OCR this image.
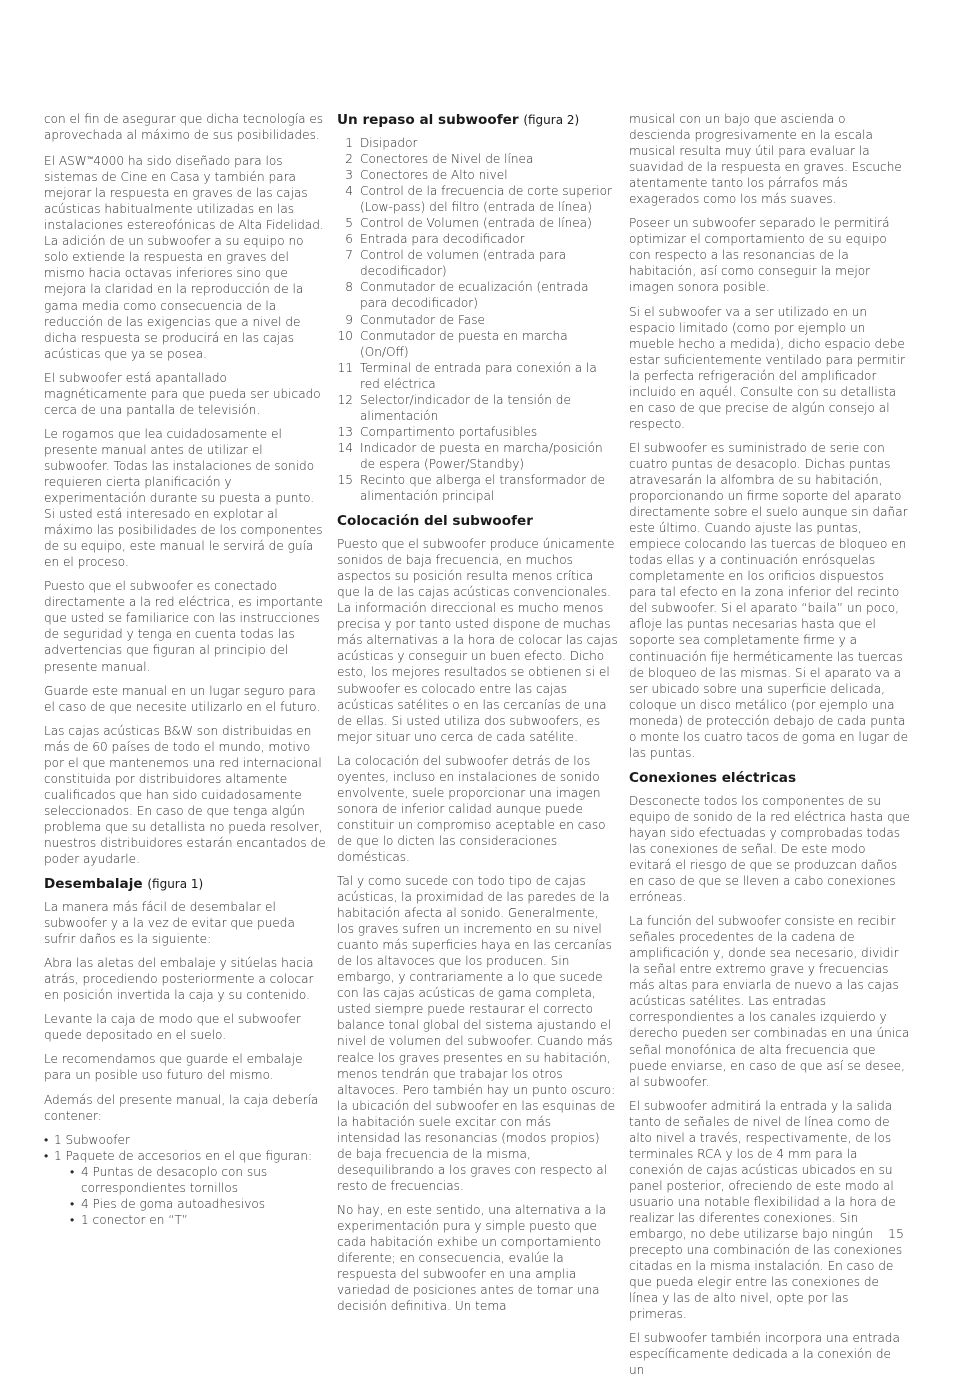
con el fin de asegurar que dicha tecnología es aprovechada al máximo de sus posibilidades.

El ASW™4000 ha sido diseñado para los sistemas de Cine en Casa y también para mejorar la respuesta en graves de las cajas acústicas habitualmente utilizadas en las instalaciones estereofónicas de Alta Fidelidad. La adición de un subwoofer a su equipo no solo extiende la respuesta en graves del mismo hacia octavas inferiores sino que mejora la claridad en la reproducción de la gama media como consecuencia de la reducción de las exigencias que a nivel de dicha respuesta se producirá en las cajas acústicas que ya se posea.

El subwoofer está apantallado magnéticamente para que pueda ser ubicado cerca de una pantalla de televisión.

Le rogamos que lea cuidadosamente el presente manual antes de utilizar el subwoofer. Todas las instalaciones de sonido requieren cierta planificación y experimentación durante su puesta a punto. Si usted está interesado en explotar al máximo las posibilidades de los componentes de su equipo, este manual le servirá de guía en el proceso.

Puesto que el subwoofer es conectado directamente a la red eléctrica, es importante que usted se familiarice con las instrucciones de seguridad y tenga en cuenta todas las advertencias que figuran al principio del presente manual.

Guarde este manual en un lugar seguro para el caso de que necesite utilizarlo en el futuro.

Las cajas acústicas B&W son distribuidas en más de 60 países de todo el mundo, motivo por el que mantenemos una red internacional constituida por distribuidores altamente cualificados que han sido cuidadosamente seleccionados. En caso de que tenga algún problema que su detallista no pueda resolver, nuestros distribuidores estarán encantados de poder ayudarle.

Desembalaje (figura 1)

La manera más fácil de desembalar el subwoofer y a la vez de evitar que pueda sufrir daños es la siguiente:

Abra las aletas del embalaje y sitúelas hacia atrás, procediendo posteriormente a colocar en posición invertida la caja y su contenido.

Levante la caja de modo que el subwoofer quede depositado en el suelo.

Le recomendamos que guarde el embalaje para un posible uso futuro del mismo.

Además del presente manual, la caja debería contener:

• 1 Subwoofer
• 1 Paquete de accesorios en el que figuran:
• 4 Puntas de desacoplo con sus correspondientes tornillos
• 4 Pies de goma autoadhesivos
• 1 conector en “T”
Un repaso al subwoofer (figura 2)
1 Disipador
2 Conectores de Nivel de línea
3 Conectores de Alto nivel
4 Control de la frecuencia de corte superior (Low-pass) del filtro (entrada de línea)
5 Control de Volumen (entrada de línea)
6 Entrada para decodificador
7 Control de volumen (entrada para decodificador)
8 Conmutador de ecualización (entrada para decodificador)
9 Conmutador de Fase
10 Conmutador de puesta en marcha (On/Off)
11 Terminal de entrada para conexión a la red eléctrica
12 Selector/indicador de la tensión de alimentación
13 Compartimento portafusibles
14 Indicador de puesta en marcha/posición de espera (Power/Standby)
15 Recinto que alberga el transformador de alimentación principal
Colocación del subwoofer

Puesto que el subwoofer produce únicamente sonidos de baja frecuencia, en muchos aspectos su posición resulta menos crítica que la de las cajas acústicas convencionales. La información direccional es mucho menos precisa y por tanto usted dispone de muchas más alternativas a la hora de colocar las cajas acústicas y conseguir un buen efecto. Dicho esto, los mejores resultados se obtienen si el subwoofer es colocado entre las cajas acústicas satélites o en las cercanías de una de ellas. Si usted utiliza dos subwoofers, es mejor situar uno cerca de cada satélite.

La colocación del subwoofer detrás de los oyentes, incluso en instalaciones de sonido envolvente, suele proporcionar una imagen sonora de inferior calidad aunque puede constituir un compromiso aceptable en caso de que lo dicten las consideraciones domésticas.

Tal y como sucede con todo tipo de cajas acústicas, la proximidad de las paredes de la habitación afecta al sonido. Generalmente, los graves sufren un incremento en su nivel cuanto más superficies haya en las cercanías de los altavoces que los producen. Sin embargo, y contrariamente a lo que sucede con las cajas acústicas de gama completa, usted siempre puede restaurar el correcto balance tonal global del sistema ajustando el nivel de volumen del subwoofer. Cuando más realce los graves presentes en su habitación, menos tendrán que trabajar los otros altavoces. Pero también hay un punto oscuro: la ubicación del subwoofer en las esquinas de la habitación suele excitar con más intensidad las resonancias (modos propios) de baja frecuencia de la misma, desequilibrando a los graves con respecto al resto de frecuencias.

No hay, en este sentido, una alternativa a la experimentación pura y simple puesto que cada habitación exhibe un comportamiento diferente; en consecuencia, evalúe la respuesta del subwoofer en una amplia variedad de posiciones antes de tomar una decisión definitiva. Un tema

musical con un bajo que ascienda o descienda progresivamente en la escala musical resulta muy útil para evaluar la suavidad de la respuesta en graves. Escuche atentamente tanto los párrafos más exagerados como los más suaves.

Poseer un subwoofer separado le permitirá optimizar el comportamiento de su equipo con respecto a las resonancias de la habitación, así como conseguir la mejor imagen sonora posible.

Si el subwoofer va a ser utilizado en un espacio limitado (como por ejemplo un mueble hecho a medida), dicho espacio debe estar suficientemente ventilado para permitir la perfecta refrigeración del amplificador incluido en aquél. Consulte con su detallista en caso de que precise de algún consejo al respecto.

El subwoofer es suministrado de serie con cuatro puntas de desacoplo. Dichas puntas atravesarán la alfombra de su habitación, proporcionando un firme soporte del aparato directamente sobre el suelo aunque sin dañar este último. Cuando ajuste las puntas, empiece colocando las tuercas de bloqueo en todas ellas y a continuación enrósquelas completamente en los orificios dispuestos para tal efecto en la zona inferior del recinto del subwoofer. Si el aparato “baila” un poco, afloje las puntas necesarias hasta que el soporte sea completamente firme y a continuación fije herméticamente las tuercas de bloqueo de las mismas. Si el aparato va a ser ubicado sobre una superficie delicada, coloque un disco metálico (por ejemplo una moneda) de protección debajo de cada punta o monte los cuatro tacos de goma en lugar de las puntas.

Conexiones eléctricas

Desconecte todos los componentes de su equipo de sonido de la red eléctrica hasta que hayan sido efectuadas y comprobadas todas las conexiones de señal. De este modo evitará el riesgo de que se produzcan daños en caso de que se lleven a cabo conexiones erróneas.

La función del subwoofer consiste en recibir señales procedentes de la cadena de amplificación y, donde sea necesario, dividir la señal entre extremo grave y frecuencias más altas para enviarla de nuevo a las cajas acústicas satélites. Las entradas correspondientes a los canales izquierdo y derecho pueden ser combinadas en una única señal monofónica de alta frecuencia que puede enviarse, en caso de que así se desee, al subwoofer.

El subwoofer admitirá la entrada y la salida tanto de señales de nivel de línea como de alto nivel a través, respectivamente, de los terminales RCA y los de 4 mm para la conexión de cajas acústicas ubicados en su panel posterior, ofreciendo de este modo al usuario una notable flexibilidad a la hora de realizar las diferentes conexiones. Sin embargo, no debe utilizarse bajo ningún precepto una combinación de las conexiones citadas en la misma instalación. En caso de que pueda elegir entre las conexiones de línea y las de alto nivel, opte por las primeras.

El subwoofer también incorpora una entrada específicamente dedicada a la conexión de un

15
